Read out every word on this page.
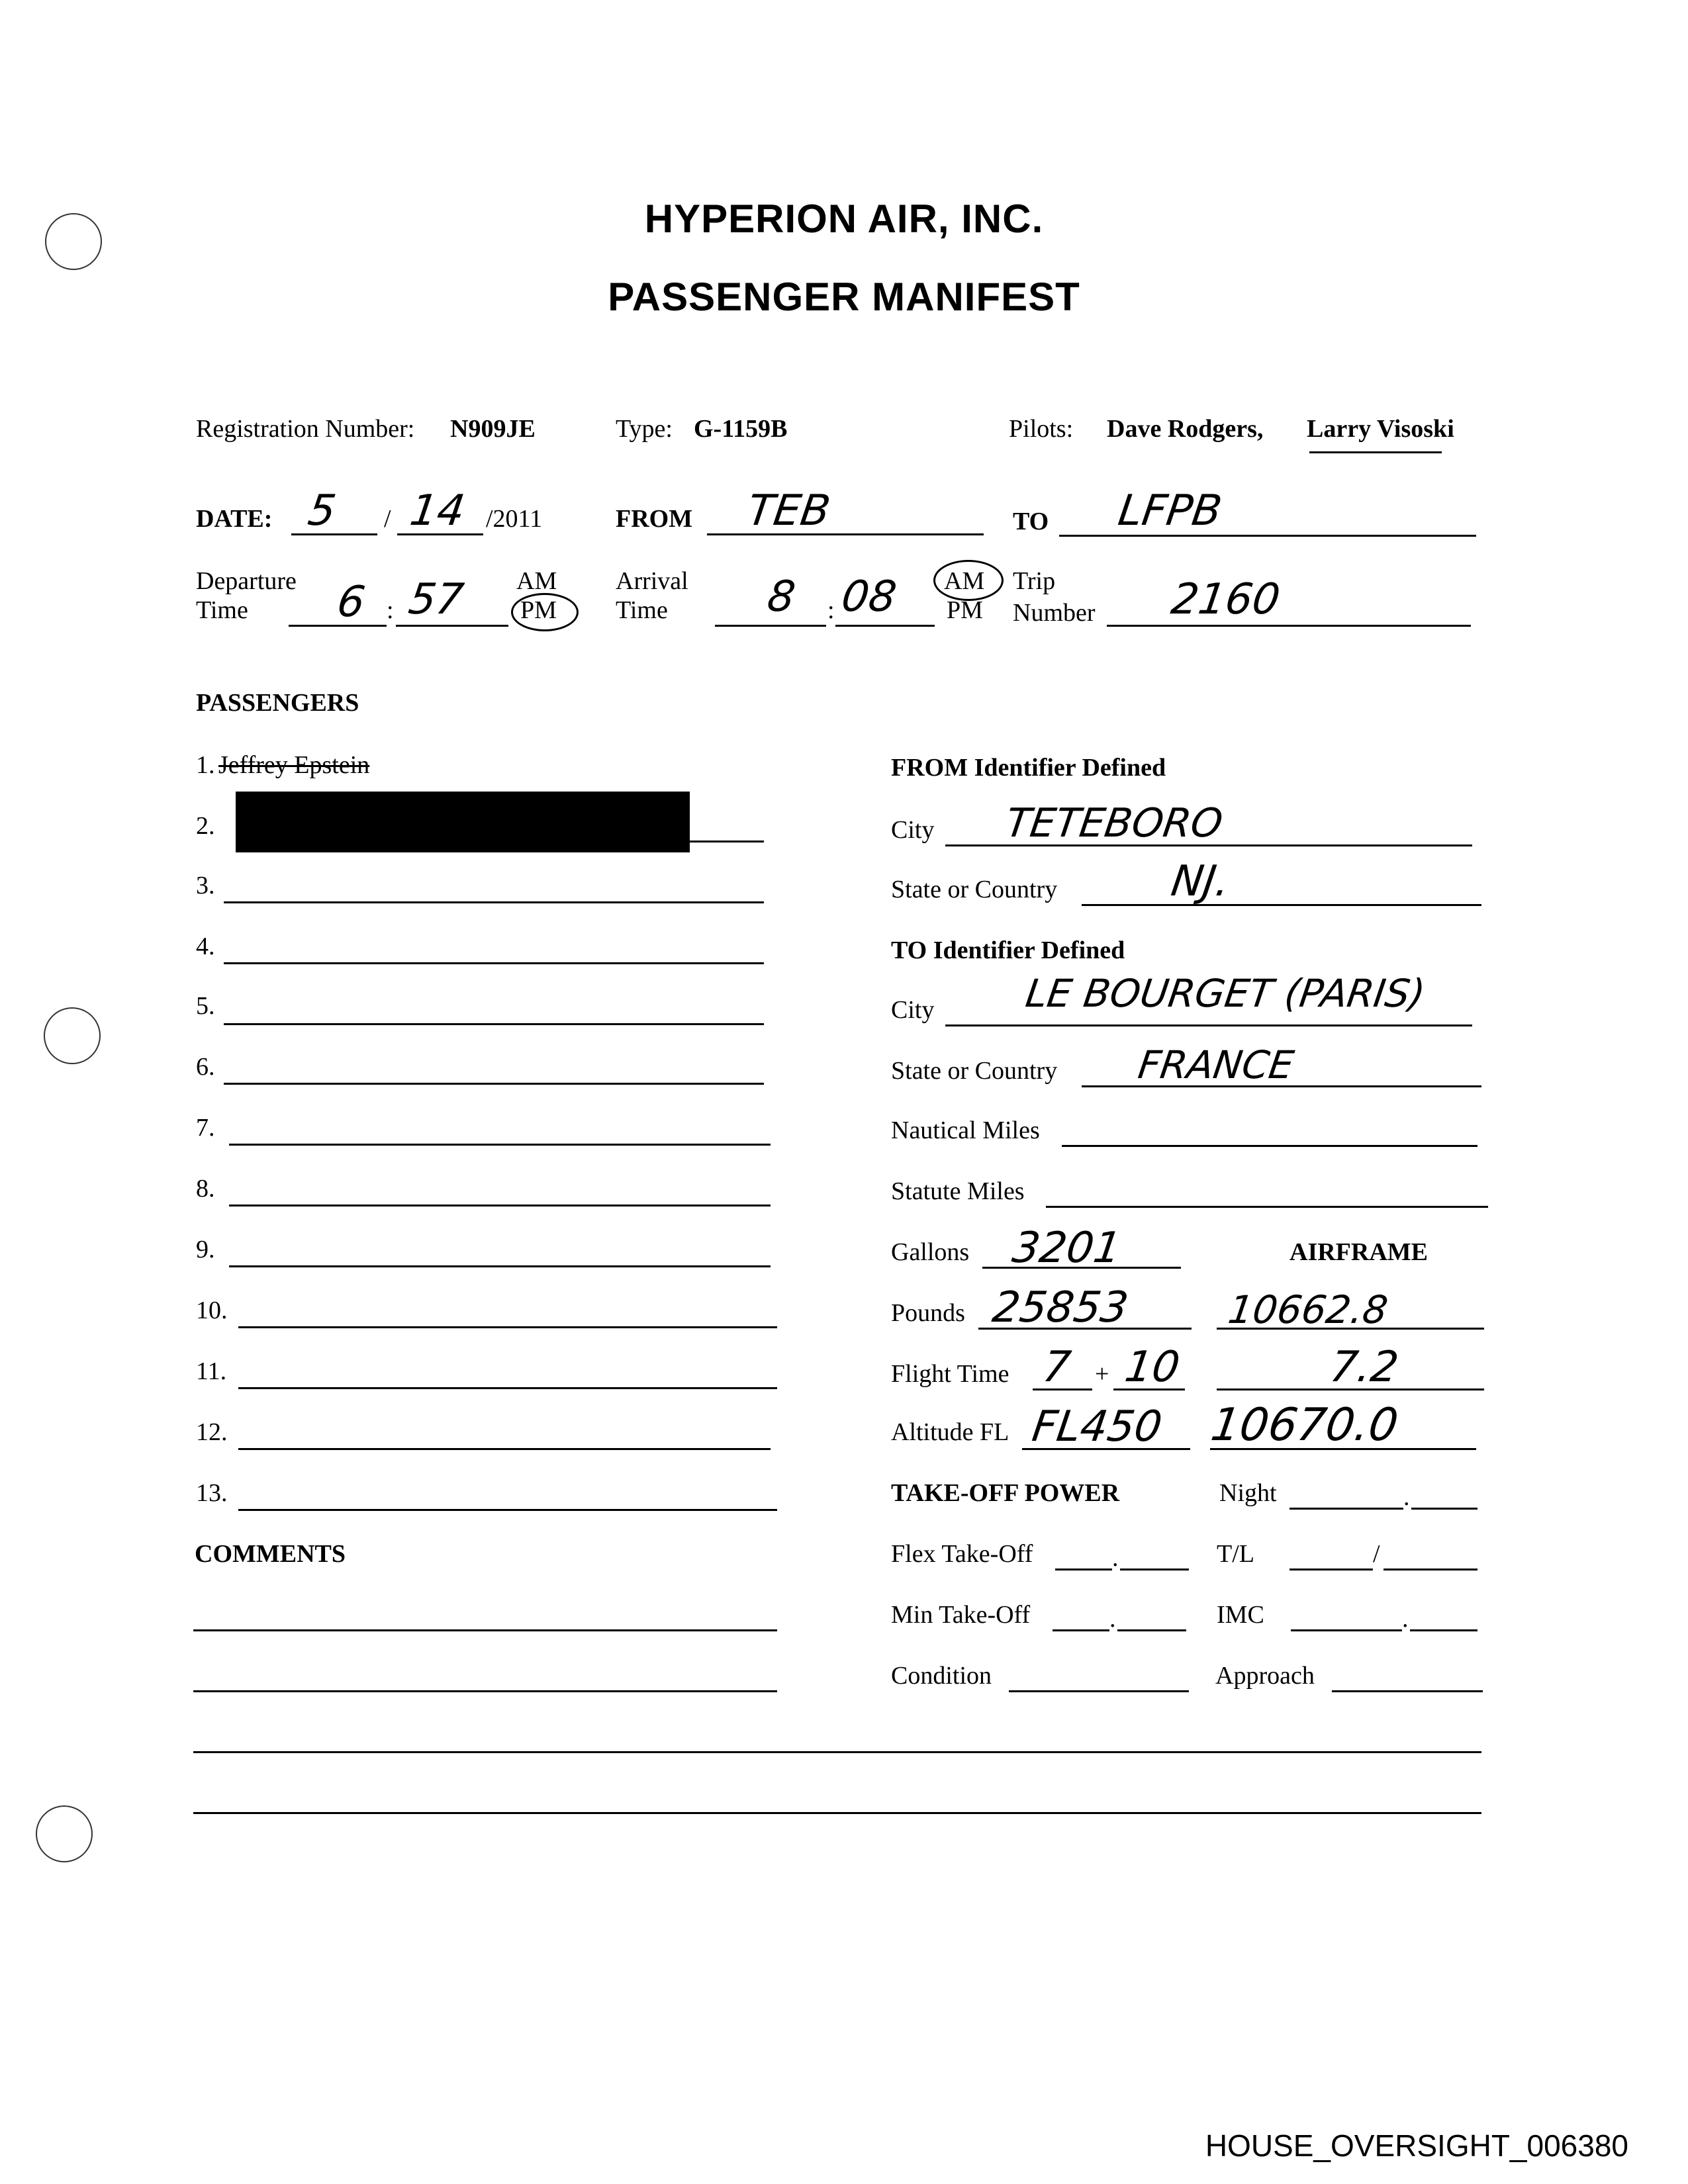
HYPERION AIR, INC.
PASSENGER MANIFEST
Registration Number: N909JE	Type: G-1159B	Pilots: Dave Rodgers, Larry Visoski
DATE: 5 / 14 /2011	FROM TEB	TO LFPB
Departure
Time 6 : 57 AM
PM
Arrival
Time 8 : 08 AM
PM
Trip
Number 2160
PASSENGERS
1. Jeffrey Epstein
2.
3.
4.
5.
6.
7.
8.
9.
10.
11.
12.
13.
COMMENTS
FROM Identifier Defined
City TETEBORO
State or Country	NJ.
TO Identifier Defined
City LE BOURGET (PARIS)
State or Country FRANCE
Nautical Miles
Statute Miles
Gallons 3201	AIRFRAME
Pounds 25853 10662.8
Flight Time 7 + 10	7.2
Altitude FL FL450 10670.0
TAKE-OFF POWER	Night	.
Flex Take-Off	.	T/L	/
Min Take-Off	.	IMC	.
Condition	Approach
HOUSE_OVERSIGHT_006380
